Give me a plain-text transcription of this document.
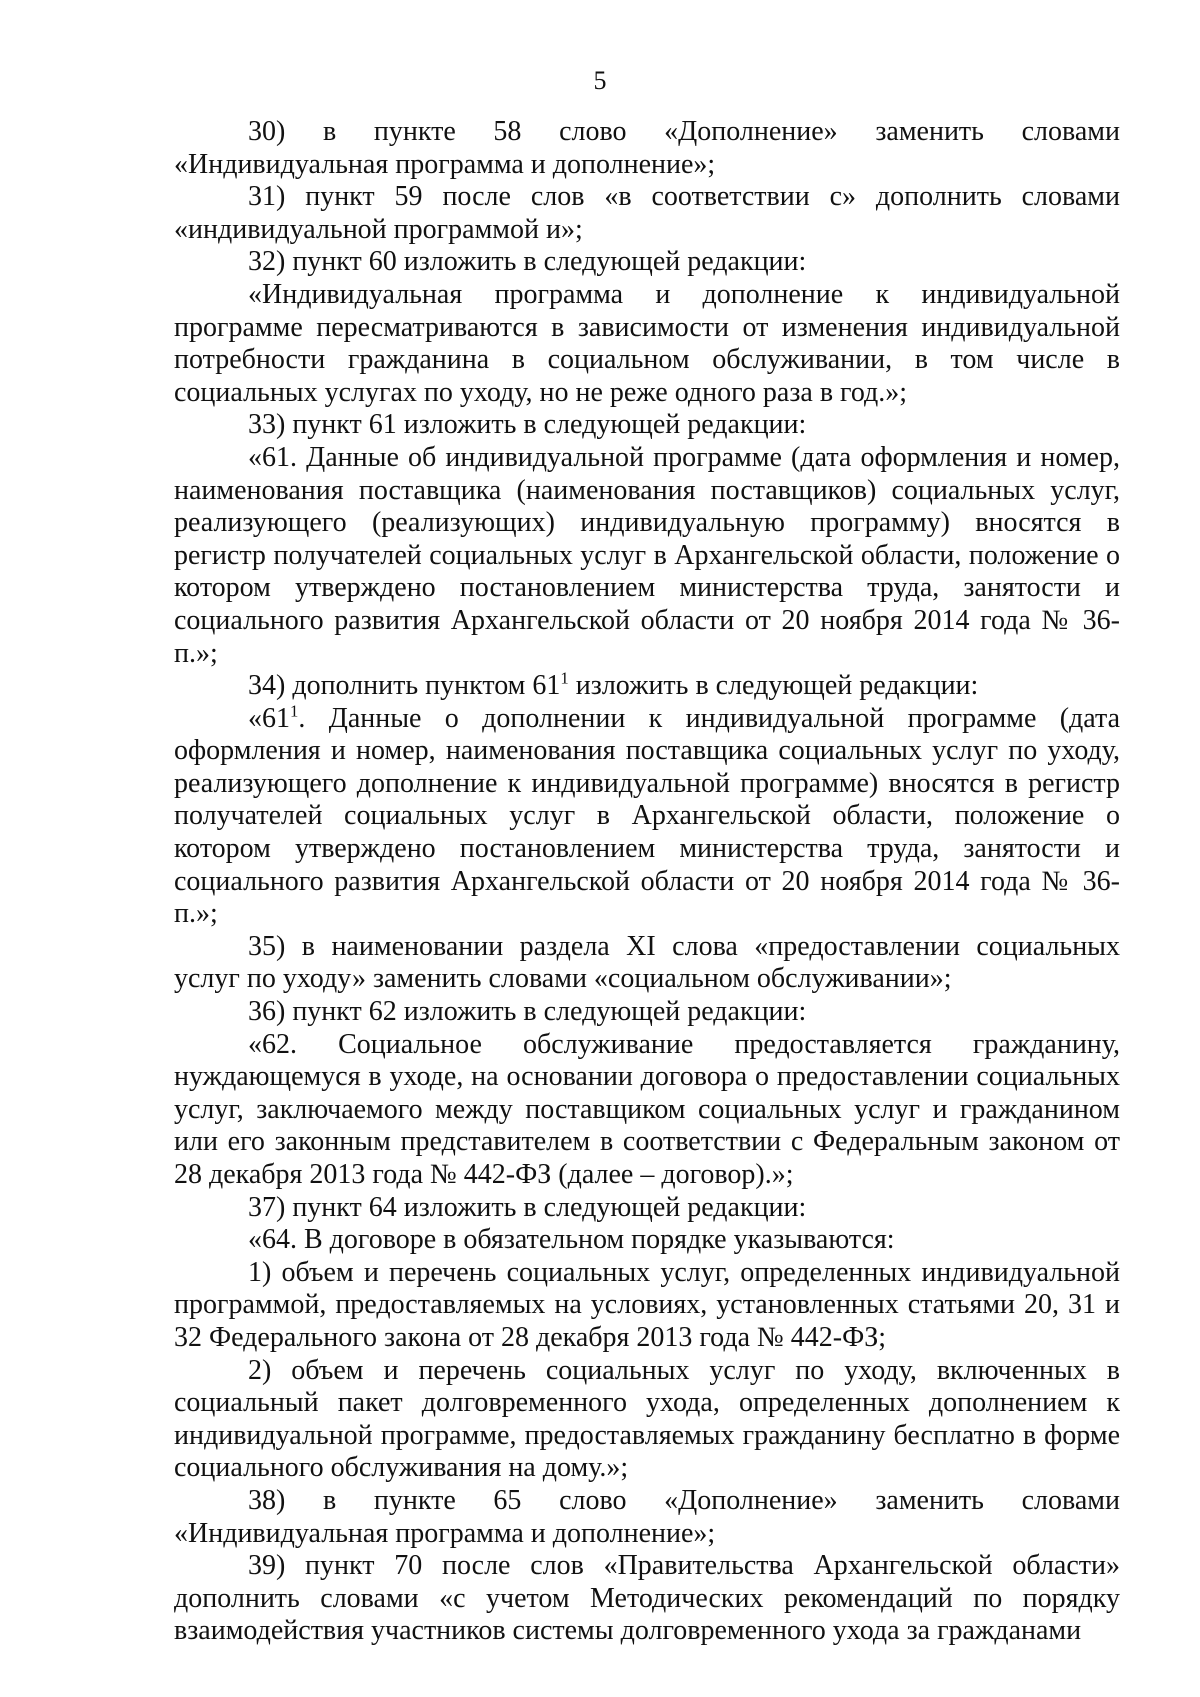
5

30) в пункте 58 слово «Дополнение» заменить словами «Индивидуальная программа и дополнение»;

31) пункт 59 после слов «в соответствии с» дополнить словами «индивидуальной программой и»;

32) пункт 60 изложить в следующей редакции:

«Индивидуальная программа и дополнение к индивидуальной программе пересматриваются в зависимости от изменения индивидуальной потребности гражданина в социальном обслуживании, в том числе в социальных услугах по уходу, но не реже одного раза в год.»;

33) пункт 61 изложить в следующей редакции:

«61. Данные об индивидуальной программе (дата оформления и номер, наименования поставщика (наименования поставщиков) социальных услуг, реализующего (реализующих) индивидуальную программу) вносятся в регистр получателей социальных услуг в Архангельской области, положение о котором утверждено постановлением министерства труда, занятости и социального развития Архангельской области от 20 ноября 2014 года № 36-п.»;

34) дополнить пунктом $61^1$ изложить в следующей редакции:

«$61^1$. Данные о дополнении к индивидуальной программе (дата оформления и номер, наименования поставщика социальных услуг по уходу, реализующего дополнение к индивидуальной программе) вносятся в регистр получателей социальных услуг в Архангельской области, положение о котором утверждено постановлением министерства труда, занятости и социального развития Архангельской области от 20 ноября 2014 года № 36-п.»;

35) в наименовании раздела XI слова «предоставлении социальных услуг по уходу» заменить словами «социальном обслуживании»;

36) пункт 62 изложить в следующей редакции:

«62. Социальное обслуживание предоставляется гражданину, нуждающемуся в уходе, на основании договора о предоставлении социальных услуг, заключаемого между поставщиком социальных услуг и гражданином или его законным представителем в соответствии с Федеральным законом от 28 декабря 2013 года № 442-ФЗ (далее – договор).»;

37) пункт 64 изложить в следующей редакции:

«64. В договоре в обязательном порядке указываются:

1) объем и перечень социальных услуг, определенных индивидуальной программой, предоставляемых на условиях, установленных статьями 20, 31 и 32 Федерального закона от 28 декабря 2013 года № 442-ФЗ;

2) объем и перечень социальных услуг по уходу, включенных в социальный пакет долговременного ухода, определенных дополнением к индивидуальной программе, предоставляемых гражданину бесплатно в форме социального обслуживания на дому.»;

38) в пункте 65 слово «Дополнение» заменить словами «Индивидуальная программа и дополнение»;

39) пункт 70 после слов «Правительства Архангельской области» дополнить словами «с учетом Методических рекомендаций по порядку взаимодействия участников системы долговременного ухода за гражданами
